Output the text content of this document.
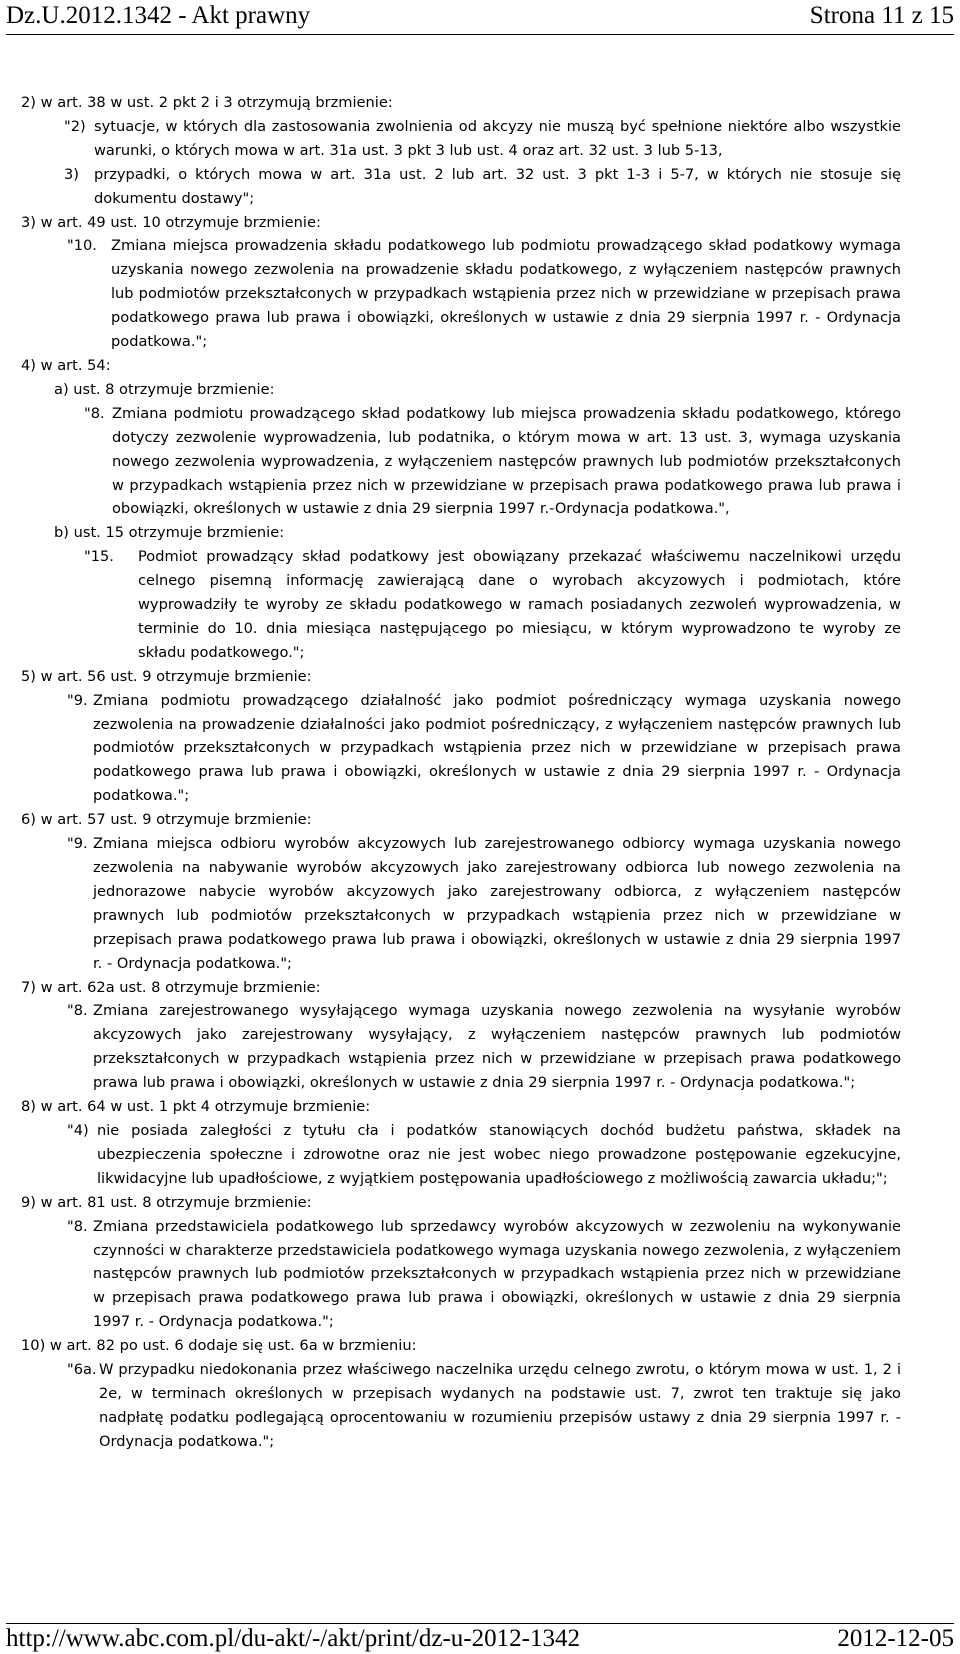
Dz.U.2012.1342 - Akt prawny	Strona 11 z 15
2) w art. 38 w ust. 2 pkt 2 i 3 otrzymują brzmienie:
"2) sytuacje, w których dla zastosowania zwolnienia od akcyzy nie muszą być spełnione niektóre albo wszystkie warunki, o których mowa w art. 31a ust. 3 pkt 3 lub ust. 4 oraz art. 32 ust. 3 lub 5-13,
3)	przypadki, o których mowa w art. 31a ust. 2 lub art. 32 ust. 3 pkt 1-3 i 5-7, w których nie stosuje się dokumentu dostawy";
3) w art. 49 ust. 10 otrzymuje brzmienie:
"10. Zmiana miejsca prowadzenia składu podatkowego lub podmiotu prowadzącego skład podatkowy wymaga uzyskania nowego zezwolenia na prowadzenie składu podatkowego, z wyłączeniem następców prawnych lub podmiotów przekształconych w przypadkach wstąpienia przez nich w przewidziane w przepisach prawa podatkowego prawa lub prawa i obowiązki, określonych w ustawie z dnia 29 sierpnia 1997 r. - Ordynacja podatkowa.";
4) w art. 54:
a) ust. 8 otrzymuje brzmienie:
"8. Zmiana podmiotu prowadzącego skład podatkowy lub miejsca prowadzenia składu podatkowego, którego dotyczy zezwolenie wyprowadzenia, lub podatnika, o którym mowa w art. 13 ust. 3, wymaga uzyskania nowego zezwolenia wyprowadzenia, z wyłączeniem następców prawnych lub podmiotów przekształconych w przypadkach wstąpienia przez nich w przewidziane w przepisach prawa podatkowego prawa lub prawa i obowiązki, określonych w ustawie z dnia 29 sierpnia 1997 r.-Ordynacja podatkowa.",
b) ust. 15 otrzymuje brzmienie:
"15.	Podmiot prowadzący skład podatkowy jest obowiązany przekazać właściwemu naczelnikowi urzędu celnego pisemną informację zawierającą dane o wyrobach akcyzowych i podmiotach, które wyprowadziły te wyroby ze składu podatkowego w ramach posiadanych zezwoleń wyprowadzenia, w terminie do 10. dnia miesiąca następującego po miesiącu, w którym wyprowadzono te wyroby ze składu podatkowego.";
5) w art. 56 ust. 9 otrzymuje brzmienie:
"9. Zmiana podmiotu prowadzącego działalność jako podmiot pośredniczący wymaga uzyskania nowego zezwolenia na prowadzenie działalności jako podmiot pośredniczący, z wyłączeniem następców prawnych lub podmiotów przekształconych w przypadkach wstąpienia przez nich w przewidziane w przepisach prawa podatkowego prawa lub prawa i obowiązki, określonych w ustawie z dnia 29 sierpnia 1997 r. - Ordynacja podatkowa.";
6) w art. 57 ust. 9 otrzymuje brzmienie:
"9. Zmiana miejsca odbioru wyrobów akcyzowych lub zarejestrowanego odbiorcy wymaga uzyskania nowego zezwolenia na nabywanie wyrobów akcyzowych jako zarejestrowany odbiorca lub nowego zezwolenia na jednorazowe nabycie wyrobów akcyzowych jako zarejestrowany odbiorca, z wyłączeniem następców prawnych lub podmiotów przekształconych w przypadkach wstąpienia przez nich w przewidziane w przepisach prawa podatkowego prawa lub prawa i obowiązki, określonych w ustawie z dnia 29 sierpnia 1997 r. - Ordynacja podatkowa.";
7) w art. 62a ust. 8 otrzymuje brzmienie:
"8. Zmiana zarejestrowanego wysyłającego wymaga uzyskania nowego zezwolenia na wysyłanie wyrobów akcyzowych jako zarejestrowany wysyłający, z wyłączeniem następców prawnych lub podmiotów przekształconych w przypadkach wstąpienia przez nich w przewidziane w przepisach prawa podatkowego prawa lub prawa i obowiązki, określonych w ustawie z dnia 29 sierpnia 1997 r. - Ordynacja podatkowa.";
8) w art. 64 w ust. 1 pkt 4 otrzymuje brzmienie:
"4) nie posiada zaległości z tytułu cła i podatków stanowiących dochód budżetu państwa, składek na ubezpieczenia społeczne i zdrowotne oraz nie jest wobec niego prowadzone postępowanie egzekucyjne, likwidacyjne lub upadłościowe, z wyjątkiem postępowania upadłościowego z możliwością zawarcia układu;";
9) w art. 81 ust. 8 otrzymuje brzmienie:
"8. Zmiana przedstawiciela podatkowego lub sprzedawcy wyrobów akcyzowych w zezwoleniu na wykonywanie czynności w charakterze przedstawiciela podatkowego wymaga uzyskania nowego zezwolenia, z wyłączeniem następców prawnych lub podmiotów przekształconych w przypadkach wstąpienia przez nich w przewidziane w przepisach prawa podatkowego prawa lub prawa i obowiązki, określonych w ustawie z dnia 29 sierpnia 1997 r. - Ordynacja podatkowa.";
10) w art. 82 po ust. 6 dodaje się ust. 6a w brzmieniu:
"6a. W przypadku niedokonania przez właściwego naczelnika urzędu celnego zwrotu, o którym mowa w ust. 1, 2 i 2e, w terminach określonych w przepisach wydanych na podstawie ust. 7, zwrot ten traktuje się jako nadpłatę podatku podlegającą oprocentowaniu w rozumieniu przepisów ustawy z dnia 29 sierpnia 1997 r. - Ordynacja podatkowa.";
http://www.abc.com.pl/du-akt/-/akt/print/dz-u-2012-1342	2012-12-05
